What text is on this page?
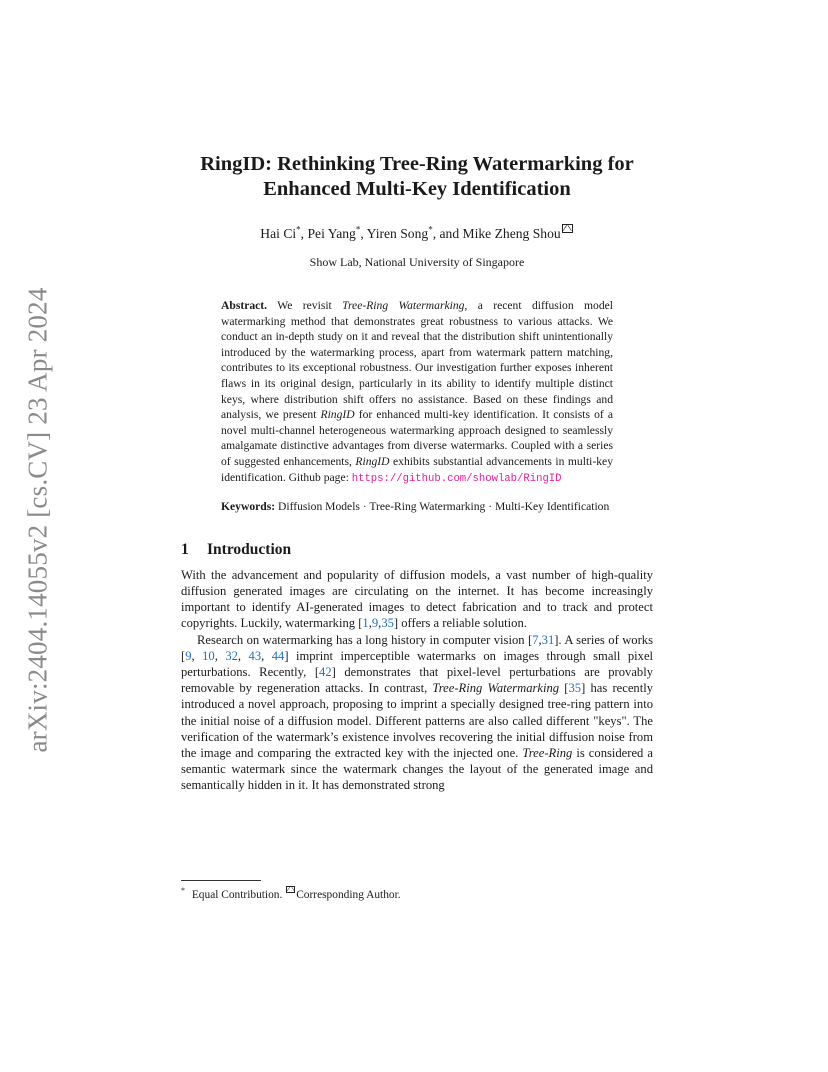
arXiv:2404.14055v2 [cs.CV] 23 Apr 2024
RingID: Rethinking Tree-Ring Watermarking for
Enhanced Multi-Key Identification
Hai Ci*, Pei Yang*, Yiren Song*, and Mike Zheng Shou
Show Lab, National University of Singapore
Abstract. We revisit Tree-Ring Watermarking, a recent diffusion model watermarking method that demonstrates great robustness to various attacks. We conduct an in-depth study on it and reveal that the distribution shift unintentionally introduced by the watermarking process, apart from watermark pattern matching, contributes to its exceptional robustness. Our investigation further exposes inherent flaws in its original design, particularly in its ability to identify multiple distinct keys, where distribution shift offers no assistance. Based on these findings and analysis, we present RingID for enhanced multi-key identification. It consists of a novel multi-channel heterogeneous watermarking approach designed to seamlessly amalgamate distinctive advantages from diverse watermarks. Coupled with a series of suggested enhancements, RingID exhibits substantial advancements in multi-key identification. Github page: https://github.com/showlab/RingID
Keywords: Diffusion Models · Tree-Ring Watermarking · Multi-Key Identification
1 Introduction

With the advancement and popularity of diffusion models, a vast number of high-quality diffusion generated images are circulating on the internet. It has become increasingly important to identify AI-generated images to detect fabrication and to track and protect copyrights. Luckily, watermarking [1,9,35] offers a reliable solution.

Research on watermarking has a long history in computer vision [7,31]. A series of works [9, 10, 32, 43, 44] imprint imperceptible watermarks on images through small pixel perturbations. Recently, [42] demonstrates that pixel-level perturbations are provably removable by regeneration attacks. In contrast, Tree-Ring Watermarking [35] has recently introduced a novel approach, proposing to imprint a specially designed tree-ring pattern into the initial noise of a diffusion model. Different patterns are also called different "keys". The verification of the watermark’s existence involves recovering the initial diffusion noise from the image and comparing the extracted key with the injected one. Tree-Ring is considered a semantic watermark since the watermark changes the layout of the generated image and semantically hidden in it. It has demonstrated strong

* Equal Contribution. Corresponding Author.
